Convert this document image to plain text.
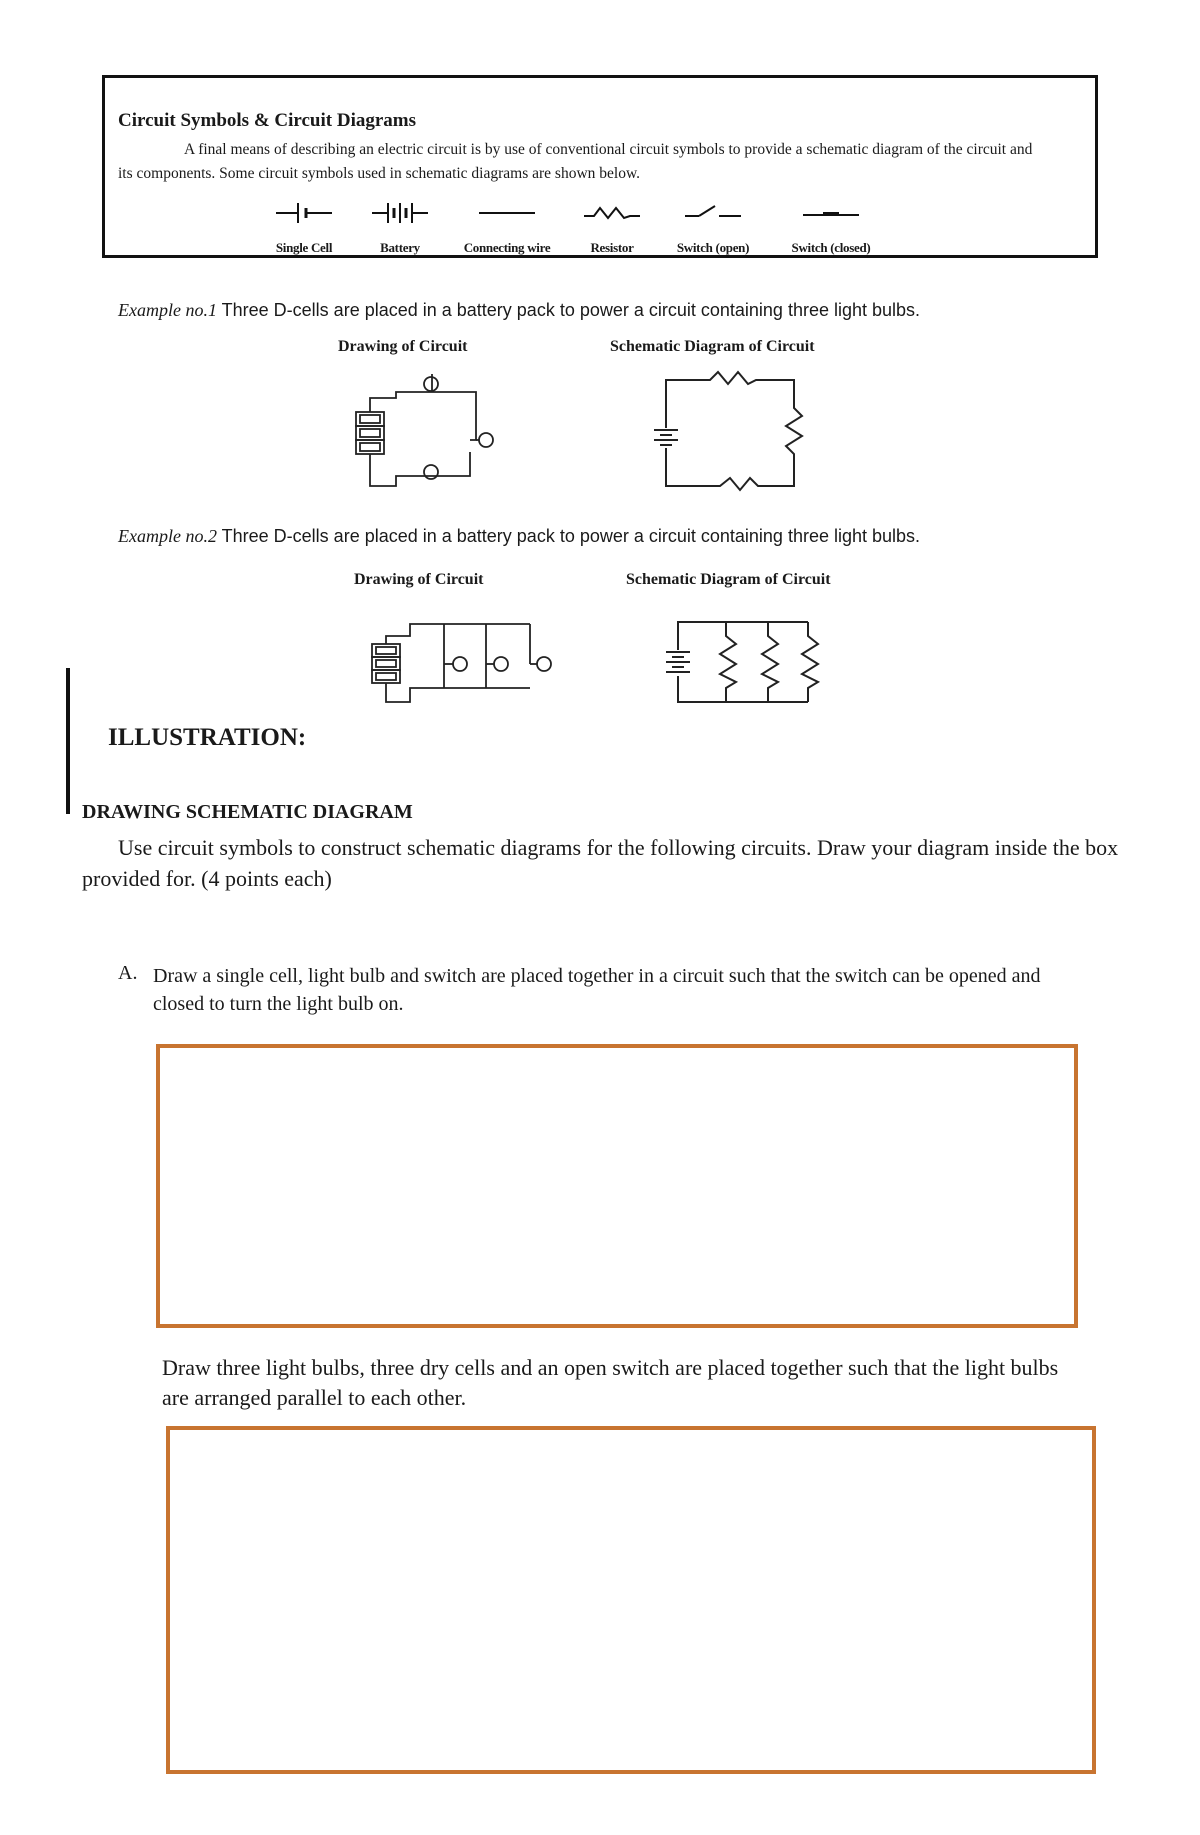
Circuit Symbols & Circuit Diagrams
A final means of describing an electric circuit is by use of conventional circuit symbols to provide a schematic diagram of the circuit and its components. Some circuit symbols used in schematic diagrams are shown below.
Single Cell	Battery	Connecting wire	Resistor	Switch (open)	Switch (closed)
Example no.1 Three D-cells are placed in a battery pack to power a circuit containing three light bulbs.
Drawing of Circuit	Schematic Diagram of Circuit
Example no.2 Three D-cells are placed in a battery pack to power a circuit containing three light bulbs.
Drawing of Circuit	Schematic Diagram of Circuit
ILLUSTRATION:
DRAWING SCHEMATIC DIAGRAM
Use circuit symbols to construct schematic diagrams for the following circuits. Draw your diagram inside the box provided for. (4 points each)
A. Draw a single cell, light bulb and switch are placed together in a circuit such that the switch can be opened and closed to turn the light bulb on.
Draw three light bulbs, three dry cells and an open switch are placed together such that the light bulbs are arranged parallel to each other.
